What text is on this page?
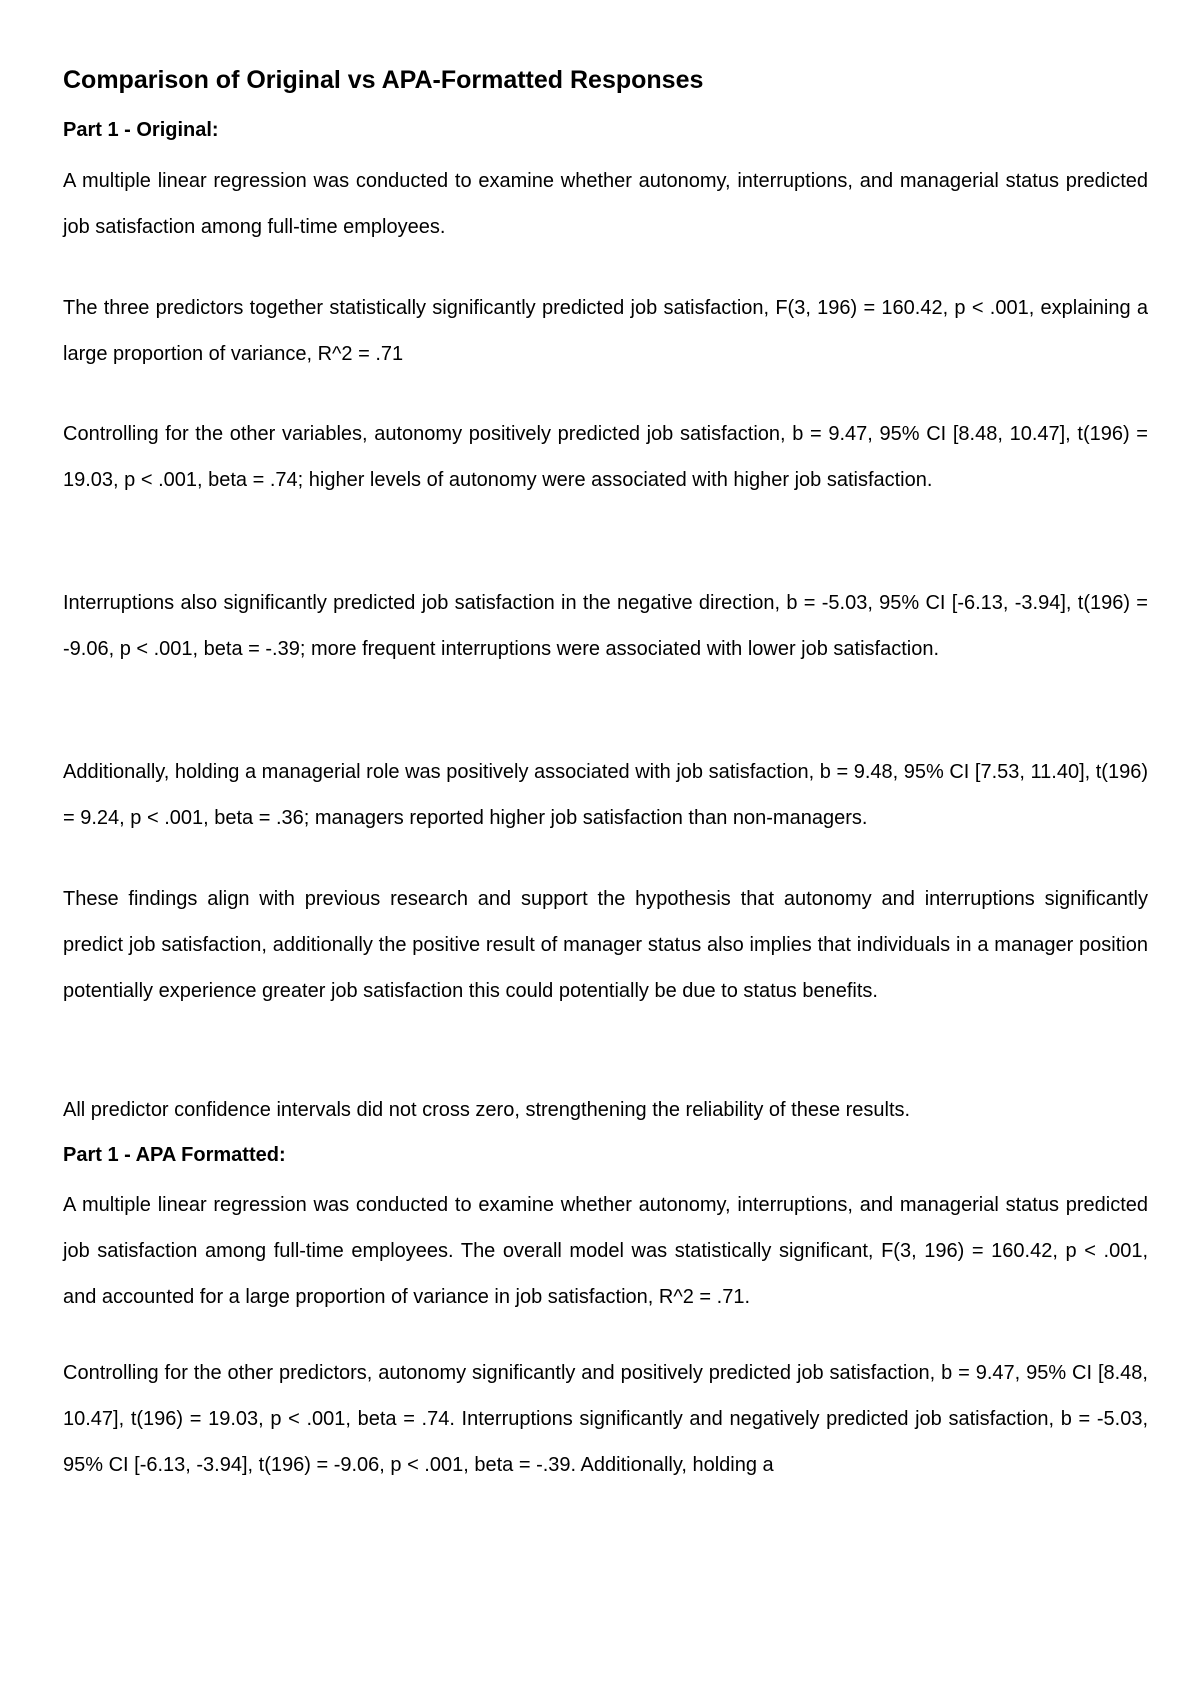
Comparison of Original vs APA-Formatted Responses
Part 1 - Original:

A multiple linear regression was conducted to examine whether autonomy, interruptions, and managerial status predicted job satisfaction among full-time employees.

The three predictors together statistically significantly predicted job satisfaction, F(3, 196) = 160.42, p < .001, explaining a large proportion of variance, R^2 = .71

Controlling for the other variables, autonomy positively predicted job satisfaction, b = 9.47, 95% CI [8.48, 10.47], t(196) = 19.03, p < .001, beta = .74; higher levels of autonomy were associated with higher job satisfaction.

Interruptions also significantly predicted job satisfaction in the negative direction, b = -5.03, 95% CI [-6.13, -3.94], t(196) = -9.06, p < .001, beta = -.39; more frequent interruptions were associated with lower job satisfaction.

Additionally, holding a managerial role was positively associated with job satisfaction, b = 9.48, 95% CI [7.53, 11.40], t(196) = 9.24, p < .001, beta = .36; managers reported higher job satisfaction than non-managers.

These findings align with previous research and support the hypothesis that autonomy and interruptions significantly predict job satisfaction, additionally the positive result of manager status also implies that individuals in a manager position potentially experience greater job satisfaction this could potentially be due to status benefits.

All predictor confidence intervals did not cross zero, strengthening the reliability of these results.

Part 1 - APA Formatted:

A multiple linear regression was conducted to examine whether autonomy, interruptions, and managerial status predicted job satisfaction among full-time employees. The overall model was statistically significant, F(3, 196) = 160.42, p < .001, and accounted for a large proportion of variance in job satisfaction, R^2 = .71.

Controlling for the other predictors, autonomy significantly and positively predicted job satisfaction, b = 9.47, 95% CI [8.48, 10.47], t(196) = 19.03, p < .001, beta = .74. Interruptions significantly and negatively predicted job satisfaction, b = -5.03, 95% CI [-6.13, -3.94], t(196) = -9.06, p < .001, beta = -.39. Additionally, holding a
